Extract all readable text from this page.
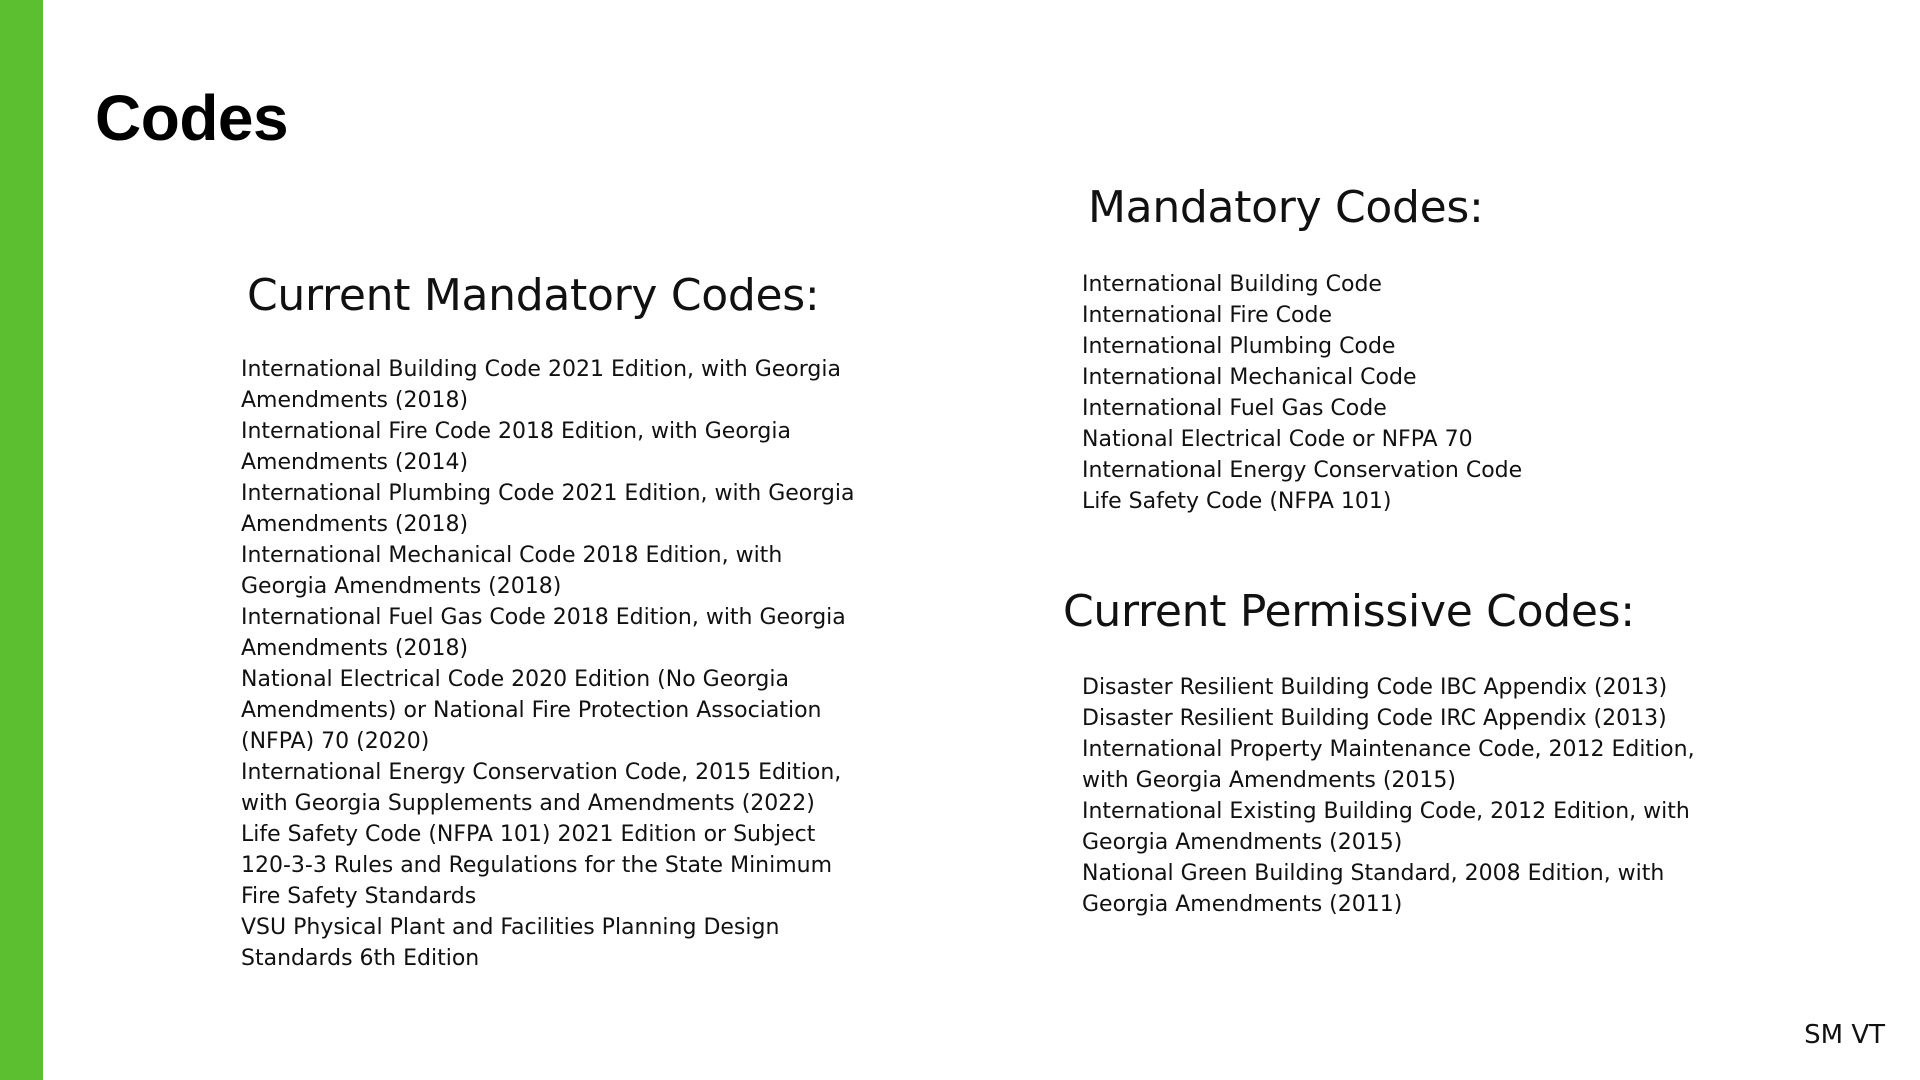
Codes
Current Mandatory Codes:
International Building Code 2021 Edition, with Georgia Amendments (2018)
International Fire Code 2018 Edition, with Georgia Amendments (2014)
International Plumbing Code 2021 Edition, with Georgia Amendments (2018)
International Mechanical Code 2018 Edition, with Georgia Amendments (2018)
International Fuel Gas Code 2018 Edition, with Georgia Amendments (2018)
National Electrical Code 2020 Edition (No Georgia Amendments) or National Fire Protection Association (NFPA) 70 (2020)
International Energy Conservation Code, 2015 Edition, with Georgia Supplements and Amendments (2022)
Life Safety Code (NFPA 101) 2021 Edition or Subject 120-3-3 Rules and Regulations for the State Minimum Fire Safety Standards
VSU Physical Plant and Facilities Planning Design Standards 6th Edition
Mandatory Codes:
International Building Code
International Fire Code
International Plumbing Code
International Mechanical Code
International Fuel Gas Code
National Electrical Code or NFPA 70
International Energy Conservation Code
Life Safety Code (NFPA 101)
Current Permissive Codes:
Disaster Resilient Building Code IBC Appendix (2013)
Disaster Resilient Building Code IRC Appendix (2013)
International Property Maintenance Code, 2012 Edition, with Georgia Amendments (2015)
International Existing Building Code, 2012 Edition, with Georgia Amendments (2015)
National Green Building Standard, 2008 Edition, with Georgia Amendments (2011)
SM VT
